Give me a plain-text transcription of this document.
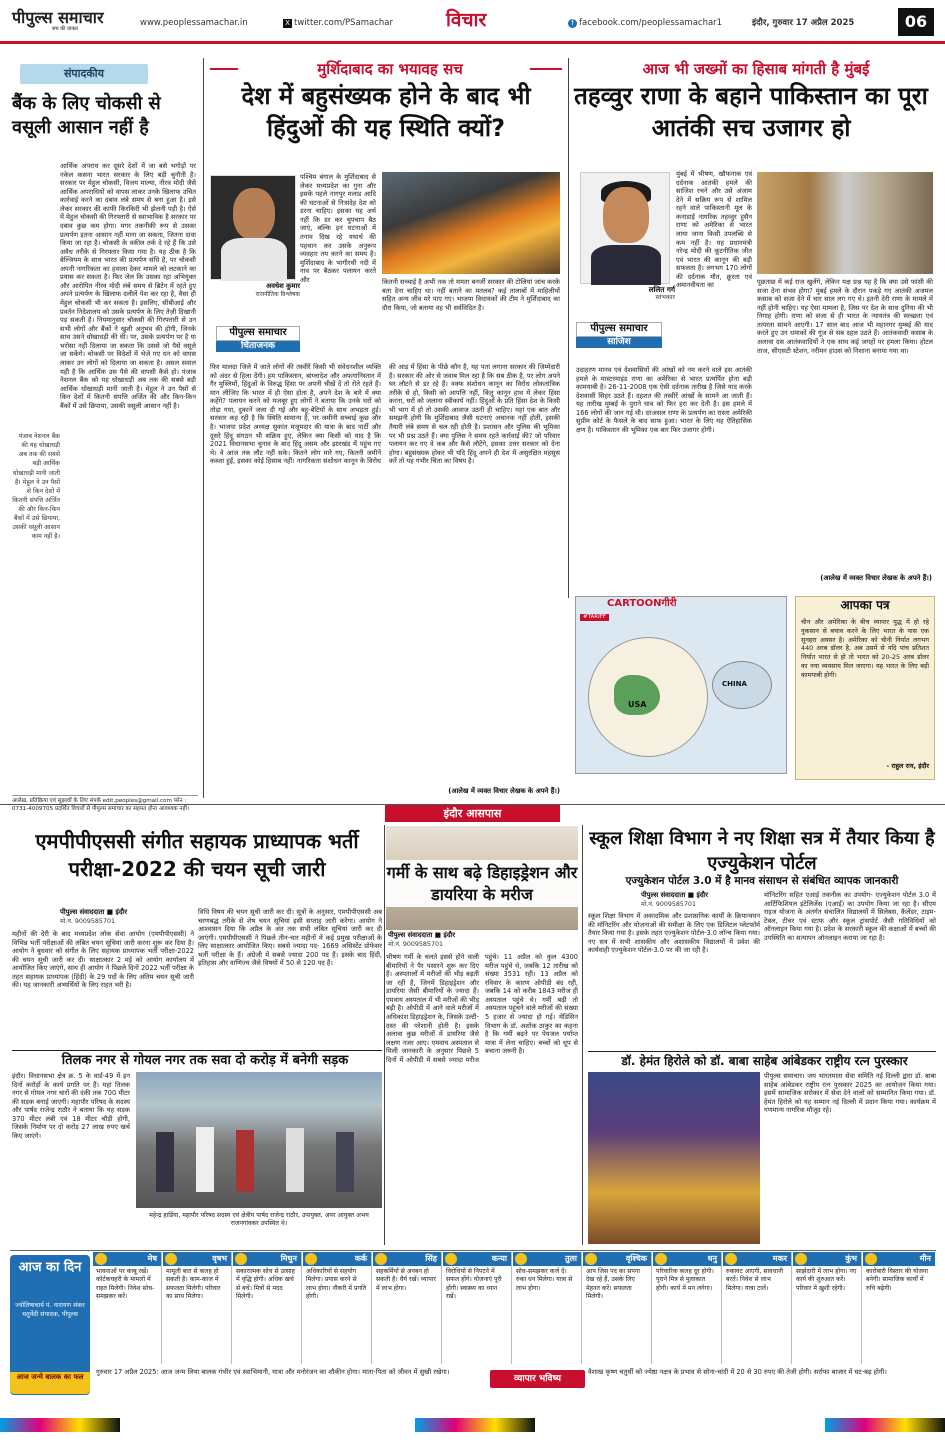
पीपुल्स समाचार
सच की ताकत
www.peoplessamachar.in	X twitter.com/PSamachar	विचार	f facebook.com/peoplessamachar1	इंदौर, गुरुवार 17 अप्रैल 2025	06
संपादकीय
बैंक के लिए चोकसी से वसूली आसान नहीं है
आर्थिक अपराध कर दूसरे देशों में जा बसे भगोड़ों पर नकेल कसना भारत सरकार के लिए बड़ी चुनौती है। सरकार पर मेहुल चोकसी, विजय माल्या, नीरव मोदी जैसे आर्थिक अपराधियों को वापस लाकर उनके खिलाफ उचित कार्रवाई करने का दबाव लंबे समय से बना हुआ है। इसे लेकर सरकार की काफी किरकिरी भी झेलनी पड़ी है। ऐसे में मेहुल चोकसी की गिरफ्तारी से स्वाभाविक है सरकार पर दबाव कुछ कम होगा। मगर तकनीकी रूप से उसका प्रत्यर्पण इतना आसान नहीं माना जा सकता, जितना दावा किया जा रहा है। चोकसी के वकील तर्क दे रहे हैं कि उसे अवैध तरीके से गिरफ्तार किया गया है। यह ठीक है कि बेल्जियम के साथ भारत की प्रत्यर्पण संधि है, पर चोकसी अपनी नागरिकता का हवाला देकर मामले को लटकाने का प्रयास कर सकता है। फिर जेल कि उसका रहा अभियुक्त और आरोपित नीरव मोदी लंबे समय से ब्रिटेन में रहते हुए अपने प्रत्यर्पण के खिलाफ दलीलें पेश कर रहा है, वैसा ही मेहुल चोकसी भी कर सकता है। इसलिए, सीबीआई और प्रवर्तन निदेशालय को उसके प्रत्यर्पण के लिए तेज़ी दिखानी पड़ सकती है। नियमानुसार चोकसी की गिरफ्तारी से उन सभी लोगों और बैंकों ने खुशी अनुभव की होगी, जिनके साथ उसने धोखाधड़ी की थी। पर, उसके प्रत्यर्पण पर है या भरोसा नहीं दिलाया जा सकता कि उससे जो पैसे वसूले जा सकेंगे। चोकसी पर विदेशों में भेजे गए धन को वापस लाकर उन लोगों को दिलाया जा सकता है। असल सवाल यही है कि आर्थिक उस पैसे की वापसी कैसे हो। पंजाब नेशनल बैंक को यह धोखाधड़ी अब तक की सबसे बड़ी आर्थिक धोखाधड़ी मानी जाती है। मेहुल ने उन पैसों से किन देशों में कितनी संपत्ति अर्जित की और किन-किन बैंकों में उसे छिपाया, उसकी वसूली आसान नहीं है।
पंजाब नेशनल बैंक की यह धोखाधड़ी अब तक की सबसे बड़ी आर्थिक धोखाधड़ी मानी जाती है। मेहुल ने उन पैसों से किन देशों में कितनी संपत्ति अर्जित की और किन-किन बैंकों में उसे छिपाया, उसकी वसूली आसान काम नहीं है।
आलेख, प्रतिक्रिया एवं सुझावों के लिए संपर्क edit.peoples@gmail.com फोन : 0731-4009705 प्रदर्शित विचारों से पीपुल्स समाचार का सहमत होना आवश्यक नहीं।
मुर्शिदाबाद का भयावह सच
देश में बहुसंख्यक होने के बाद भी हिंदुओं की यह स्थिति क्यों?
अवधेश कुमार
राजनीतिक विश्लेषक
पीपुल्स समाचार
चिंताजनक
पश्चिम बंगाल के मुर्शिदाबाद से लेकर मध्यप्रदेश का गुना और इसके पहले नागपुर मलाड आदि की घटनाओं से निःसंदेह देश को डरना चाहिए। इसका यह अर्थ नहीं कि डर कर चुपचाप बैठ जाएं, बल्कि इन घटनाओं में तनाव दिख रहे यथार्थ की पहचान कर उसके अनुरूप व्यवहार तय करने का समय है। मुर्शिदाबाद के भागीरथी नदी में नाव पर बैठकर पलायन करते और	कितनी सच्चाई है अभी तक तो ममता बनर्जी सरकार की टोलियां जांच करके बता देना चाहिए था। नहीं बताने का मतलब? कई तालाबों में माहिलीयों सहित अन्य जीव मरे पाए गए। भाजपा विधायकों की टीम ने मुर्शिदाबाद का दौरा किया, जो बताया वह भी सर्वविदित है।
फिर मालदा जिले में जाते लोगों की तस्वीरें किसी भी संवेदनशील व्यक्ति को अंदर से हिला देंगी। हम पाकिस्तान, बांग्लादेश और अफगानिस्तान में गैर मुस्लिमों, हिंदुओं के विरुद्ध हिंसा पर अपनी चीखें दें तो रोते रहते हैं। मान लीजिए कि भारत में ही ऐसा होता है, अपने देश के बारे में क्या कहेंगे? पलायन करने को मजबूर हुए लोगों ने बताया कि उनके घरों को तोड़ा गया, दुकानें जला दी गईं और बहू-बेटियों के साथ अभद्रता हुई। सरकार कह रही है कि स्थिति सामान्य है, पर जमीनी सच्चाई कुछ और है। भाजपा प्रदेश अध्यक्ष सुकांत मजूमदार की यात्रा के बाद पार्टी और दूसरे हिंदू संगठन भी सक्रिय हुए, लेकिन क्या किसी को याद है कि 2021 विधानसभा चुनाव के बाद हिंदू असम और झारखंड में पहुंच गए थे। वे आज तक लौट नहीं सके। कितने लोग मारे गए, कितनी जमीनें कब्जा हुईं, इसका कोई हिसाब नहीं। नागरिकता संशोधन कानून के विरोध की आड़ में हिंसा के पीछे कौन है, यह पता लगाना सरकार की जिम्मेदारी है। सरकार की ओर से जवाब मिल रहा है कि सब ठीक है, पर लोग अपने घर लौटने से डर रहे हैं। वक्फ संशोधन कानून का विरोध लोकतांत्रिक तरीके से हो, किसी को आपत्ति नहीं, किंतु कानून हाथ में लेकर हिंसा करना, घरों को जलाना स्वीकार्य नहीं। हिंदुओं के प्रति हिंसा देश के किसी भी भाग में हो तो उसकी आवाज उठनी ही चाहिए। यहां एक बात और समझनी होगी कि मुर्शिदाबाद जैसी घटनाएं अचानक नहीं होतीं, इसकी तैयारी लंबे समय से चल रही होती है। प्रशासन और पुलिस की भूमिका पर भी प्रश्न उठते हैं। क्या पुलिस ने समय रहते कार्रवाई की? जो परिवार पलायन कर गए वे कब और कैसे लौटेंगे, इसका उत्तर सरकार को देना होगा। बहुसंख्यक होकर भी यदि हिंदू अपने ही देश में असुरक्षित महसूस करें तो यह गंभीर चिंता का विषय है।
(आलेख में व्यक्त विचार लेखक के अपने हैं।)
आज भी जख्मों का हिसाब मांगती है मुंबई
तहव्वुर राणा के बहाने पाकिस्तान का पूरा आतंकी सच उजागर हो
ललित गर्ग
स्तंभकार
पीपुल्स समाचार
साजिश
मुंबई में भीषण, खौफनाक एवं दर्दनाक आतंकी हमले की साजिश रचने और उसे अंजाम देने में सक्रिय रूप से शामिल रहने वाले पाकिस्तानी मूल के कनाडाई नागरिक तहव्वुर हुसैन राणा को अमेरिका से भारत लाया जाना किसी उपलब्धि से कम नहीं है। यह प्रधानमंत्री नरेन्द्र मोदी की कूटनीतिक जीत एवं भारत की कानून की बड़ी सफलता है। लगभग 170 लोगों की दर्दनाक मौत, क्रूरता एवं अमानवीयता का	पूछताछ में कई राज खुलेंगे, लेकिन यक्ष प्रश्न यह है कि क्या उसे फांसी की सजा देना संभव होगा? मुंबई हमले के दौरान पकड़े गए आतंकी अजमल कसाब को सजा देने में चार साल लग गए थे। इतनी देरी राणा के मामले में नहीं होनी चाहिए। यह ऐसा मामला है, जिस पर देश के साथ दुनिया की भी निगाह होगी। राणा को सजा से ही भारत के न्यायतंत्र की स्वच्छता एवं तत्परता सामने आएगी। 17 साल बाद आज भी महानगर मुम्बई की याद करते हुए उन धमाकों की गूंज से सब दहल उठते हैं। आतंकवादी कसाब के अलावा दस आतंकवादियों ने एक साथ कई जगहों पर हमला किया। होटल ताज, सीएसटी स्टेशन, नरीमन हाउस को निशाना बनाया गया था।
उदाहरण मानव एवं देशवासियों की आंखों को नम करने वाले इस आतंकी हमले के मास्टरमाइंड राणा का अमेरिका से भारत प्रत्यर्पित होना बड़ी कामयाबी है। 26-11-2008 एक ऐसी दर्दनाक तारीख है जिसे याद करके देशवासी सिहर उठते हैं। दहशत की तस्वीरें आंखों के सामने आ जाती हैं। यह तारीख मुम्बई के पुराने घाव को फिर हरा कर देती है। इस हमले में 166 लोगों की जान गई थी। दरअसल राणा के प्रत्यर्पण का रास्ता अमेरिकी सुप्रीम कोर्ट के फैसले के बाद साफ हुआ। भारत के लिए यह ऐतिहासिक क्षण है। पाकिस्तान की भूमिका एक बार फिर उजागर होगी।
(आलेख में व्यक्त विचार लेखक के अपने हैं।)
CARTOONगीरी
#TARIFF
USA
CHINA
आपका पत्र
चीन और अमेरिका के बीच व्यापार युद्ध में हो रहे नुकसान से बचाव करने के लिए भारत के पास एक सुनहरा अवसर है। अमेरिका को चीनी निर्यात लगभग 440 अरब डॉलर है, अब उसमें से यदि पांच प्रतिशत निर्यात भारत से हो तो भारत को 20-25 अरब डॉलर का नया व्यवसाय मिल जाएगा। यह भारत के लिए बड़ी कामयाबी होगी।
- राहुल राय, इंदौर
इंदौर आसपास
एमपीपीएससी संगीत सहायक प्राध्यापक भर्ती परीक्षा-2022 की चयन सूची जारी
पीपुल्स संवाददाता ■ इंदौर
मो.नं. 9009585701
महीनों की देरी के बाद मध्यप्रदेश लोक सेवा आयोग (एमपीपीएससी) ने विभिन्न भर्ती परीक्षाओं की लंबित चयन सूचियां जारी करना शुरू कर दिया है। आयोग ने बुधवार को संगीत के लिए सहायक प्राध्यापक भर्ती परीक्षा-2022 की चयन सूची जारी कर दी। साक्षात्कार 2 मई को आयोग कार्यालय में आयोजित किए जाएंगे, साथ ही आयोग ने पिछले दिनों 2022 भर्ती परीक्षा के तहत सहायक प्राध्यापक (हिंदी) के 29 पदों के लिए अंतिम चयन सूची जारी की। यह जानकारी अभ्यर्थियों के लिए राहत भरी है।
विधि विषय की चयन सूची जारी कर दी। सूत्रों के अनुसार, एमपीपीएससी अब चरणबद्ध तरीके से शेष चयन सूचियां इसी सप्ताह जारी करेगा। आयोग ने आश्वासन दिया कि अप्रैल के अंत तक सभी लंबित सूचियां जारी कर दी जाएंगी। एमपीपीएससी ने पिछले तीन-चार महीनों में कई प्रमुख परीक्षाओं के लिए साक्षात्कार आयोजित किए। सबसे ज्यादा पद- 1669 असिस्टेंट प्रोफेसर भर्ती परीक्षा के हैं। अंग्रेजी में सबसे ज्यादा 200 पद हैं। इसके बाद हिंदी, इतिहास और वाणिज्य जैसे विषयों में 50 से 120 पद हैं।
तिलक नगर से गोयल नगर तक सवा दो करोड़ में बनेगी सड़क
इंदौर। विधानसभा क्षेत्र क्र. 5 के वार्ड-49 में इन दिनों करोड़ों के कार्य प्रगति पर हैं। यहां तिलक नगर से गोयल नगर चारों की दंकी तक 700 मीटर की सड़क बनाई जाएगी। महापौर परिषद के सदस्य और पार्षद राजेन्द्र राठौर ने बताया कि यह सड़क 370 मीटर लंबी एवं 18 मीटर चौड़ी होगी, जिसके निर्माण पर दो करोड़ 27 लाख रुपए खर्च किए जाएंगे।
महेन्द्र हार्डिया, महापौर परिषद सदस्य एवं क्षेत्रीय पार्षद राजेन्द्र राठौर, उपायुक्त, अपर आयुक्त अभय राजनगांवकर उपस्थित थे।
गर्मी के साथ बढ़े डिहाइड्रेशन और डायरिया के मरीज
पीपुल्स संवाददाता ■ इंदौर
मो.नं. 9009585701
भीषण गर्मी के चलते इससे होने वाली बीमारियों ने पैर पसारने शुरू कर दिए हैं। अस्पतालों में मरीजों की भीड़ बढ़ती जा रही है, जिनमें डिहाइड्रेशन और डायरिया जैसी बीमारियों के ज्यादा हैं। एमवाय अस्पताल में भी मरीजों की भीड़ बढ़ी है। ओपीडी में आने वाले मरीजों में अधिकांश डिहाइड्रेशन के, जिसके उल्टी-दस्त की परेशानी होती है। इसके अलावा कुछ मरीजों में डायरिया जैसे लक्षण नजर आए। एमवाय अस्पताल से मिली जानकारी के अनुसार पिछले 5 दिनों में ओपीडी में सबसे ज्यादा मरीज पहुंचे। 11 अप्रैल को कुल 4300 मरीज पहुंचे थे, जबकि 12 तारीख को संख्या 3531 रही। 13 अप्रैल को रविवार के कारण ओपीडी बंद रही, जबकि 14 को करीब 1843 मरीज ही अस्पताल पहुंचे थे। गर्मी बढ़ी तो अस्पताल पहुंचने वाले मरीजों की संख्या 5 हजार से ज्यादा हो गई। मेडिसिन विभाग के डॉ. अशोक ठाकुर का कहना है कि गर्मी बढ़ने पर पेयजल पर्याप्त मात्रा में लेना चाहिए। बच्चों को धूप से बचाना जरूरी है।
स्कूल शिक्षा विभाग ने नए शिक्षा सत्र में तैयार किया है एज्युकेशन पोर्टल
एज्युकेशन पोर्टल 3.0 में है मानव संसाधन से संबंधित व्यापक जानकारी
पीपुल्स संवाददाता ■ इंदौर
मो.नं. 9009585701
स्कूल शिक्षा विभाग में अकादमिक और प्रशासनिक कार्यों के क्रियान्वयन की मॉनिटरिंग और योजनाओं की समीक्षा के लिए एक डिजिटल प्लेटफॉर्म तैयार किया गया है। इसके तहत एज्युकेशन पोर्टल-3.0 लॉन्च किया गया। नए सत्र में सभी शासकीय और अशासकीय विद्यालयों में प्रवेश की कार्यवाही एज्युकेशन पोर्टल-3.0 पर की जा रही है।
मॉनिटरिंग सहित एआई तकनीक का उपयोग- एज्युकेशन पोर्टल 3.0 में आर्टिफिशियल इंटेलिजेंस (एआई) का उपयोग किया जा रहा है। सीएम राइज योजना के अंतर्गत संचालित विद्यालयों में सिलेबस, कैलेंडर, टाइम-टेबल, टीचर एवं स्टाफ और स्कूल ट्रांसपोर्ट जैसी गतिविधियों को ऑनलाइन किया गया है। प्रदेश के सरकारी स्कूल की कक्षाओं में बच्चों की उपस्थिति का सत्यापन ऑनलाइन कराया जा रहा है।
डॉ. हेमंत हिरोले को डॉ. बाबा साहेब आंबेडकर राष्ट्रीय रत्न पुरस्कार
पीपुल्स समाचार। जय भारतमाता सेवा समिति नई दिल्ली द्वारा डॉ. बाबा साहेब आंबेडकर राष्ट्रीय रत्न पुरस्कार 2025 का आयोजन किया गया। इसमें सामाजिक सरोकार में सेवा देने वालों को सम्मानित किया गया। डॉ. हेमंत हिरोले को यह सम्मान नई दिल्ली में प्रदान किया गया। कार्यक्रम में गणमान्य नागरिक मौजूद रहे।
आज का दिन
ज्योतिषाचार्य पं. नारायण शंकर चतुर्वेदी संपादक, पीपुल्स
आज जन्मे बालक का फल
मेष
भावनाओं पर काबू रखें। कोर्टकचहरी के मामलों में राहत मिलेगी। निवेश सोच-समझकर करें।
वृषभ
मामूली बात से कलह हो सकती है। काम-काज में सफलता मिलेगी। परिवार का साथ मिलेगा।
मिथुन
सकारात्मक सोच से उत्साह में वृद्धि होगी। अधिक खर्च से बचें। मित्रों से मदद मिलेगी।
कर्क
अधिकारियों से सहयोग मिलेगा। प्रयास करने से लाभ होगा। नौकरी में प्रगति होगी।
सिंह
सहकर्मियों से अनबन हो सकती है। धैर्य रखें। व्यापार में लाभ होगा।
कन्या
विरोधियों से निपटने में सफल होंगे। योजनाएं पूरी होंगी। स्वास्थ्य का ध्यान रखें।
तुला
सोच-समझकर कर्ज दें। रुका धन मिलेगा। यात्रा से लाभ होगा।
वृश्चिक
आप जिस पद का सपना देख रहे हैं, उसके लिए मेहनत करें। सफलता मिलेगी।
धनु
परिवारिक कलह दूर होगी। पुराने मित्र से मुलाकात होगी। कार्य में मन लगेगा।
मकर
रुकावट आएगी, सावधानी बरतें। निवेश से लाभ मिलेगा। यात्रा टालें।
कुंभ
साझेदारी में लाभ होगा। नए कार्य की शुरुआत करें। परिवार में खुशी रहेगी।
मीन
कारोबारी विस्तार की योजना बनेगी। सामाजिक कार्यों में रुचि बढ़ेगी।
गुरुवार 17 अप्रैल 2025: आज जन्म लिया बालक गंभीर एवं स्वाभिमानी, यात्रा और मनोरंजन का शौकीन होगा। माता-पिता को जीवन में सुखी रखेगा।
व्यापार भविष्य
वैशाख कृष्ण चतुर्थी को ज्येष्ठा नक्षत्र के प्रभाव से सोना-चांदी में 20 से 30 रुपए की तेजी होगी। सर्राफा बाजार में घट-बढ़ होगी।
